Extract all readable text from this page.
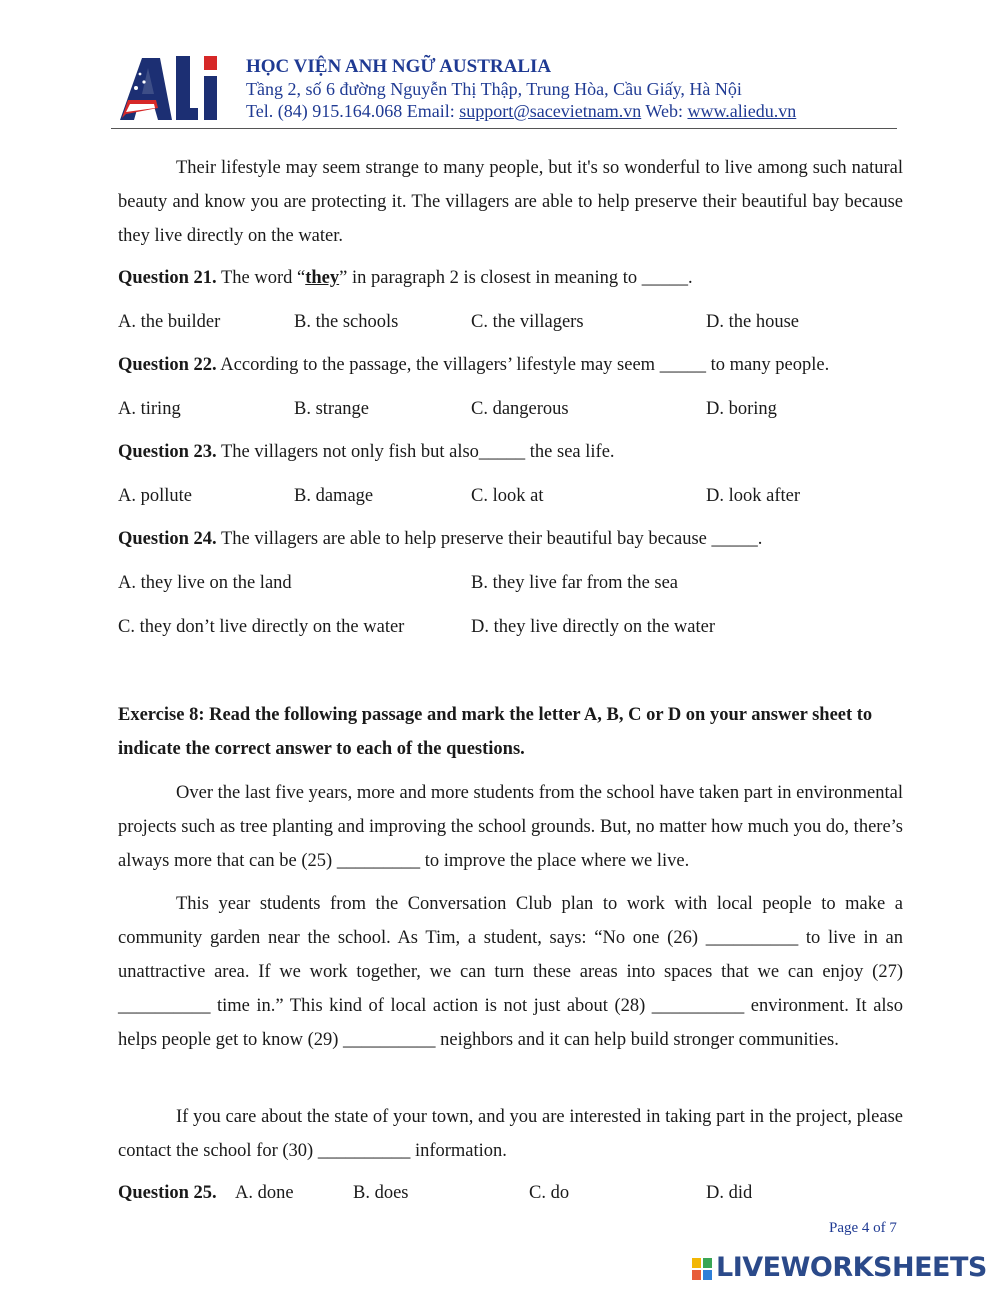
HỌC VIỆN ANH NGỮ AUSTRALIA
Tầng 2, số 6 đường Nguyễn Thị Thập, Trung Hòa, Cầu Giấy, Hà Nội
Tel. (84) 915.164.068 Email: support@sacevietnam.vn Web: www.aliedu.vn
Their lifestyle may seem strange to many people, but it's so wonderful to live among such natural beauty and know you are protecting it. The villagers are able to help preserve their beautiful bay because they live directly on the water.
Question 21. The word “they” in paragraph 2 is closest in meaning to _____.
A. the builder	B. the schools	C. the villagers	D. the house
Question 22. According to the passage, the villagers’ lifestyle may seem _____ to many people.
A. tiring	B. strange	C. dangerous	D. boring
Question 23. The villagers not only fish but also_____ the sea life.
A. pollute	B. damage	C. look at	D. look after
Question 24. The villagers are able to help preserve their beautiful bay because _____.
A. they live on the land	B. they live far from the sea
C. they don’t live directly on the water	D. they live directly on the water
Exercise 8: Read the following passage and mark the letter A, B, C or D on your answer sheet to indicate the correct answer to each of the questions.
Over the last five years, more and more students from the school have taken part in environmental projects such as tree planting and improving the school grounds. But, no matter how much you do, there’s always more that can be (25) _________ to improve the place where we live.
This year students from the Conversation Club plan to work with local people to make a community garden near the school. As Tim, a student, says: “No one (26) __________ to live in an unattractive area. If we work together, we can turn these areas into spaces that we can enjoy (27) __________ time in.” This kind of local action is not just about (28) __________ environment. It also helps people get to know (29) __________ neighbors and it can help build stronger communities.
If you care about the state of your town, and you are interested in taking part in the project, please contact the school for (30) __________ information.
Question 25. A. done	B. does	C. do	D. did
Page 4 of 7
LIVEWORKSHEETS
